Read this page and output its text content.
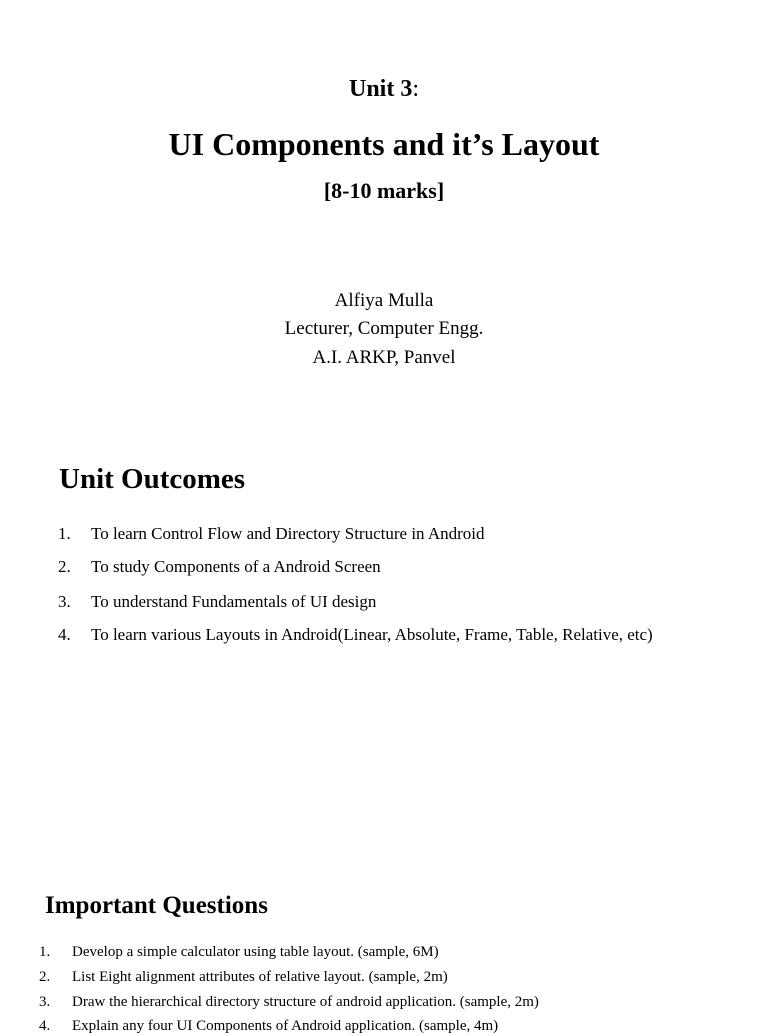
Unit 3:
UI Components and it’s Layout
[8-10 marks]
Alfiya Mulla
Lecturer, Computer Engg.
A.I. ARKP, Panvel
Unit Outcomes
1. To learn Control Flow and Directory Structure in Android
2. To study Components of a Android Screen
3. To understand Fundamentals of UI design
4. To learn various Layouts in Android(Linear, Absolute, Frame, Table, Relative, etc)
Important Questions
1. Develop a simple calculator using table layout. (sample, 6M)
2. List Eight alignment attributes of relative layout. (sample, 2m)
3. Draw the hierarchical directory structure of android application. (sample, 2m)
4. Explain any four UI Components of Android application. (sample, 4m)
